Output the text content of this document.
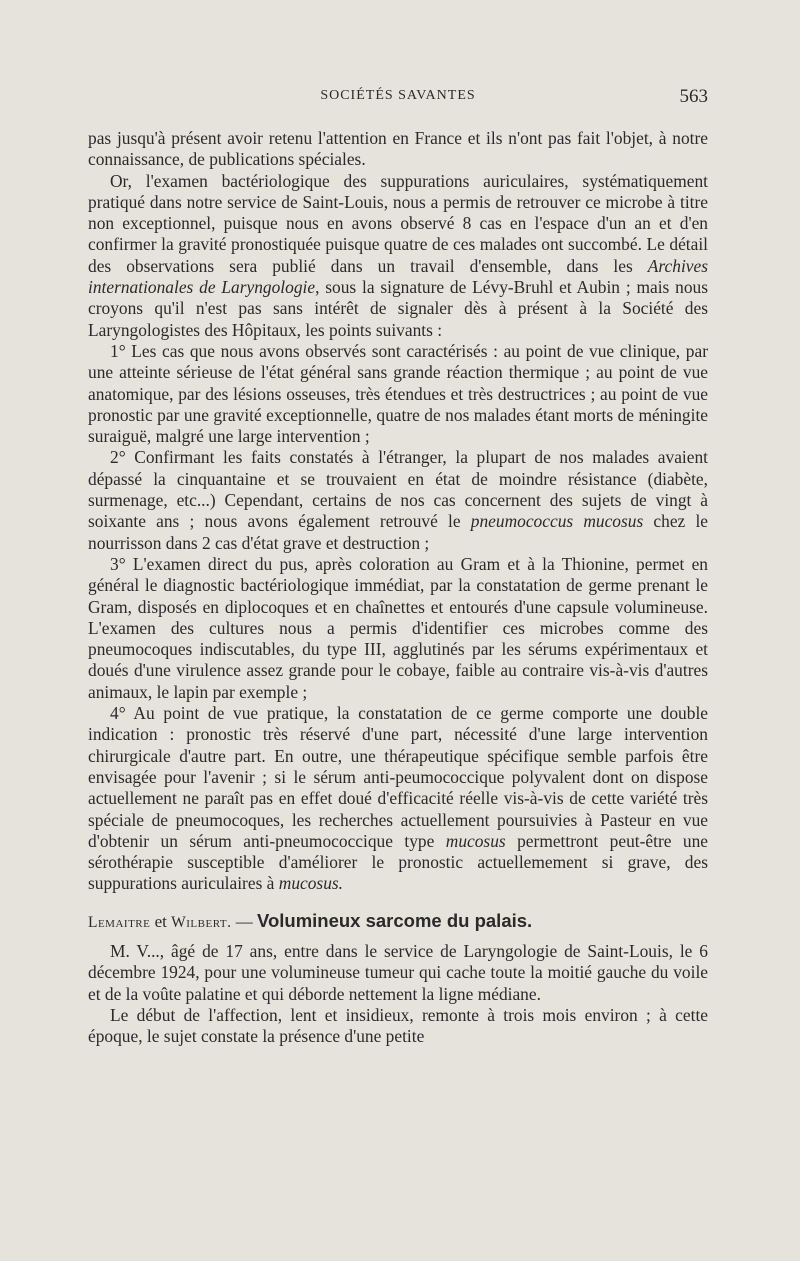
SOCIÉTÉS SAVANTES	563

pas jusqu'à présent avoir retenu l'attention en France et ils n'ont pas fait l'objet, à notre connaissance, de publications spéciales.

Or, l'examen bactériologique des suppurations auriculaires, systématiquement pratiqué dans notre service de Saint-Louis, nous a permis de retrouver ce microbe à titre non exceptionnel, puisque nous en avons observé 8 cas en l'espace d'un an et d'en confirmer la gravité pronostiquée puisque quatre de ces malades ont succombé. Le détail des observations sera publié dans un travail d'ensemble, dans les Archives internationales de Laryngologie, sous la signature de Lévy-Bruhl et Aubin ; mais nous croyons qu'il n'est pas sans intérêt de signaler dès à présent à la Société des Laryngologistes des Hôpitaux, les points suivants :

1° Les cas que nous avons observés sont caractérisés : au point de vue clinique, par une atteinte sérieuse de l'état général sans grande réaction thermique ; au point de vue anatomique, par des lésions osseuses, très étendues et très destructrices ; au point de vue pronostic par une gravité exceptionnelle, quatre de nos malades étant morts de méningite suraiguë, malgré une large intervention ;

2° Confirmant les faits constatés à l'étranger, la plupart de nos malades avaient dépassé la cinquantaine et se trouvaient en état de moindre résistance (diabète, surmenage, etc...) Cependant, certains de nos cas concernent des sujets de vingt à soixante ans ; nous avons également retrouvé le pneumococcus mucosus chez le nourrisson dans 2 cas d'état grave et destruction ;

3° L'examen direct du pus, après coloration au Gram et à la Thionine, permet en général le diagnostic bactériologique immédiat, par la constatation de germe prenant le Gram, disposés en diplocoques et en chaînettes et entourés d'une capsule volumineuse. L'examen des cultures nous a permis d'identifier ces microbes comme des pneumocoques indiscutables, du type III, agglutinés par les sérums expérimentaux et doués d'une virulence assez grande pour le cobaye, faible au contraire vis-à-vis d'autres animaux, le lapin par exemple ;

4° Au point de vue pratique, la constatation de ce germe comporte une double indication : pronostic très réservé d'une part, nécessité d'une large intervention chirurgicale d'autre part. En outre, une thérapeutique spécifique semble parfois être envisagée pour l'avenir ; si le sérum anti-peumococcique polyvalent dont on dispose actuellement ne paraît pas en effet doué d'efficacité réelle vis-à-vis de cette variété très spéciale de pneumocoques, les recherches actuellement poursuivies à Pasteur en vue d'obtenir un sérum anti-pneumococcique type mucosus permettront peut-être une sérothérapie susceptible d'améliorer le pronostic actuellemement si grave, des suppurations auriculaires à mucosus.

Lemaitre et Wilbert. — Volumineux sarcome du palais.

M. V..., âgé de 17 ans, entre dans le service de Laryngologie de Saint-Louis, le 6 décembre 1924, pour une volumineuse tumeur qui cache toute la moitié gauche du voile et de la voûte palatine et qui déborde nettement la ligne médiane.

Le début de l'affection, lent et insidieux, remonte à trois mois environ ; à cette époque, le sujet constate la présence d'une petite
